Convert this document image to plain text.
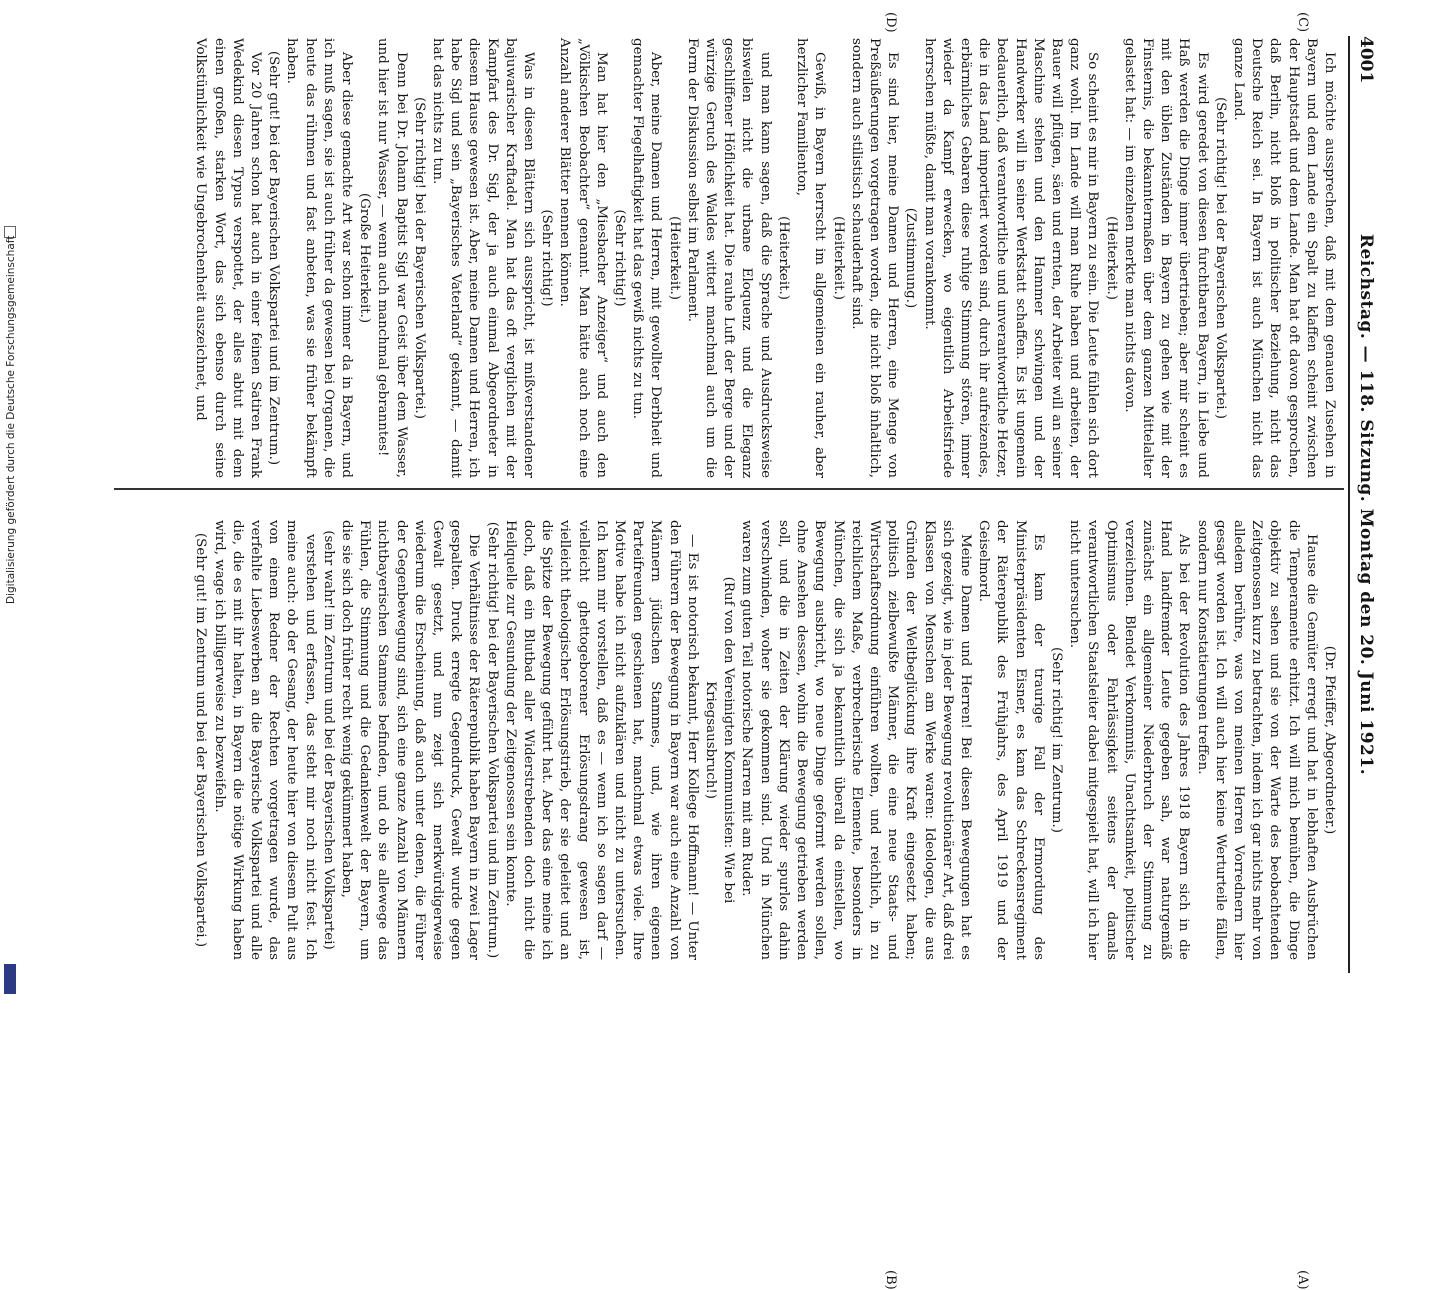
4001
Reichstag. — 118. Sitzung. Montag den 20. Juni 1921.
(A)
(B)
(C)
(D)

Ich möchte aussprechen, daß mit dem genauen Zusehen in Bayern und dem Lande ein Spalt zu klaffen scheint zwischen der Hauptstadt und dem Lande. Man hat oft davon gesprochen, daß Berlin, nicht bloß in politischer Beziehung, nicht das Deutsche Reich sei. In Bayern ist auch München nicht das ganze Land.

(Sehr richtig! bei der Bayerischen Volkspartei.)

Es wird geredet von diesen furchtbaren Bayern, in Liebe und Haß werden die Dinge immer übertrieben; aber mir scheint es mit den üblen Zuständen in Bayern zu gehen wie mit der Finsternis, die bekanntermaßen über dem ganzen Mittelalter gelastet hat: — im einzelnen merkte man nichts davon.

(Heiterkeit.)

So scheint es mir in Bayern zu sein. Die Leute fühlen sich dort ganz wohl. Im Lande will man Ruhe haben und arbeiten, der Bauer will pflügen, säen und ernten, der Arbeiter will an seiner Maschine stehen und den Hammer schwingen und der Handwerker will in seiner Werkstatt schaffen. Es ist ungemein bedauerlich, daß verantwortliche und unverantwortliche Hetzer, die in das Land importiert worden sind, durch ihr aufreizendes, erbärmliches Gebaren diese ruhige Stimmung stören, immer wieder da Kampf erwecken, wo eigentlich Arbeitsfriede herrschen müßte, damit man vorankommt.

(Zustimmung.)

Es sind hier, meine Damen und Herren, eine Menge von Preßäußerungen vorgetragen worden, die nicht bloß inhaltlich, sondern auch stilistisch schauderhaft sind.

(Heiterkeit.)

Gewiß, in Bayern herrscht im allgemeinen ein rauher, aber herzlicher Familienton,

(Heiterkeit.)

und man kann sagen, daß die Sprache und Ausdrucksweise bisweilen nicht die urbane Eloquenz und die Eleganz geschliffener Höflichkeit hat. Die rauhe Luft der Berge und der würzige Geruch des Waldes wittert manchmal auch um die Form der Diskussion selbst im Parlament.

(Heiterkeit.)

Aber, meine Damen und Herren, mit gewollter Derbheit und gemachter Flegelhaftigkeit hat das gewiß nichts zu tun.

(Sehr richtig!)

Man hat hier den „Miesbacher Anzeiger“ und auch den „Völkischen Beobachter“ genannt. Man hätte auch noch eine Anzahl anderer Blätter nennen können.

(Sehr richtig!)

Was in diesen Blättern sich ausspricht, ist mißverstandener bajuwarischer Kraftadel. Man hat das oft verglichen mit der Kampfart des Dr. Sigl, der ja auch einmal Abgeordneter in diesem Hause gewesen ist. Aber, meine Damen und Herren, ich habe Sigl und sein „Bayerisches Vaterland“ gekannt, — damit hat das nichts zu tun.

(Sehr richtig! bei der Bayerischen Volkspartei.)

Denn bei Dr. Johann Baptist Sigl war Geist über dem Wasser, und hier ist nur Wasser, — wenn auch manchmal gebranntes!

(Große Heiterkeit.)

Aber diese gemachte Art war schon immer da in Bayern, und ich muß sagen, sie ist auch früher da gewesen bei Organen, die heute das rühmen und fast anbeten, was sie früher bekämpft haben.

(Sehr gut! bei der Bayerischen Volkspartei und im Zentrum.)

Vor 20 Jahren schon hat auch in einer feinen Satiren Frank Wedekind diesen Typus verspottet, der alles abtut mit dem einen großen, starken Wort, das sich ebenso durch seine Volkstümlichkeit wie Ungebrochenheit auszeichnet, und

(Dr. Pfeiffer, Abgeordneter.)

Hause die Gemüter erregt und hat in lebhaften Ausbrüchen die Temperamente erhitzt. Ich will mich bemühen, die Dinge objektiv zu sehen und sie von der Warte des beobachtenden Zeitgenossen kurz zu betrachten, indem ich gar nichts mehr von alledem berühre, was von meinen Herren Vorrednern hier gesagt worden ist. Ich will auch hier keine Werturteile fällen, sondern nur Konstatierungen treffen.

Als bei der Revolution des Jahres 1918 Bayern sich in die Hand landfremder Leute gegeben sah, war naturgemäß zunächst ein allgemeiner Niederbruch der Stimmung zu verzeichnen. Blendet Verkommnis, Unachtsamkeit, politischer Optimismus oder Fahrlässigkeit seitens der damals verantwortlichen Staatsleiter dabei mitgespielt hat, will ich hier nicht untersuchen.

(Sehr richtig! im Zentrum.)

Es kam der traurige Fall der Ermordung des Ministerpräsidenten Eisner, es kam das Schreckensregiment der Räterepublik des Frühjahrs, des April 1919 und der Geiselmord.

Meine Damen und Herren! Bei diesen Bewegungen hat es sich gezeigt, wie in jeder Bewegung revolutionärer Art, daß drei Klassen von Menschen am Werke waren: Ideologen, die aus Gründen der Weltbeglückung ihre Kraft eingesetzt haben; politisch zielbewußte Männer, die eine neue Staats- und Wirtschaftsordnung einführen wollten, und reichlich, in zu reichlichem Maße, verbrecherische Elemente, besonders in München, die sich ja bekanntlich überall da einstellen, wo Bewegung ausbricht, wo neue Dinge geformt werden sollen, ohne Ansehen dessen, wohin die Bewegung getrieben werden soll, und die in Zeiten der Klärung wieder spurlos dahin verschwinden, woher sie gekommen sind. Und in München waren zum guten Teil notorische Narren mit am Ruder.

(Ruf von den Vereinigten Kommunisten: Wie bei Kriegsausbruch!)

— Es ist notorisch bekannt, Herr Kollege Hoffmann! — Unter den Führern der Bewegung in Bayern war auch eine Anzahl von Männern jüdischen Stammes, und, wie ihren eigenen Parteifreunden geschienen hat, manchmal etwas viele. Ihre Motive habe ich nicht aufzuklären und nicht zu untersuchen. Ich kann mir vorstellen, daß es — wenn ich so sagen darf — vielleicht ghettogeborener Erlösungsdrang gewesen ist, vielleicht theologischer Erlösungstrieb, der sie geleitet und an die Spitze der Bewegung geführt hat. Aber das eine meine ich doch, daß ein Blutbad aller Widerstrebenden doch nicht die Heilquelle zur Gesundung der Zeitgenossen sein konnte.

(Sehr richtig! bei der Bayerischen Volkspartei und im Zentrum.)

Die Verhältnisse der Räterepublik haben Bayern in zwei Lager gespalten. Druck erregte Gegendruck, Gewalt wurde gegen Gewalt gesetzt, und nun zeigt sich merkwürdigerweise wiederum die Erscheinung, daß auch unter denen, die Führer der Gegenbewegung sind, sich eine ganze Anzahl von Männern nichtbayerischen Stammes befinden, und ob sie allewege das Fühlen, die Stimmung und die Gedankenwelt der Bayern, um die sie sich doch früher recht wenig gekümmert haben,

(sehr wahr! im Zentrum und bei der Bayerischen Volkspartei)

verstehen und erfassen, das steht mir noch nicht fest. Ich meine auch: ob der Gesang, der heute hier von diesem Pult aus von einem Redner der Rechten vorgetragen wurde, das verfehlte Liebeswerben an die Bayerische Volkspartei und alle die, die es mit ihr halten, in Bayern die nötige Wirkung haben wird, wage ich billigerweise zu bezweifeln.

(Sehr gut! im Zentrum und bei der Bayerischen Volkspartei.)

Digitalisierung gefördert durch die Deutsche Forschungsgemeinschaft
